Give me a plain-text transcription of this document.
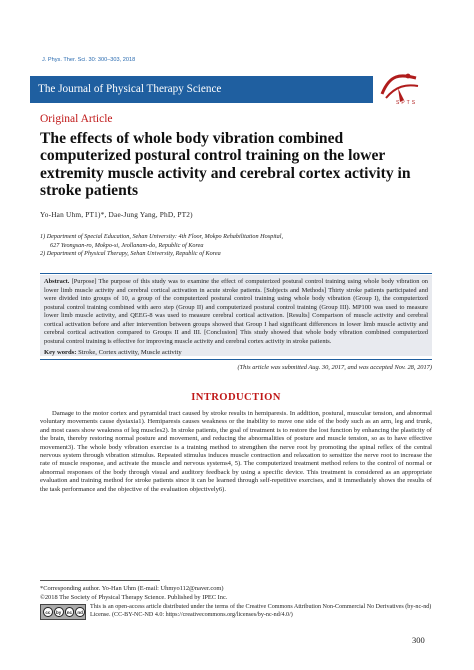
J. Phys. Ther. Sci. 30: 300–303, 2018
The Journal of Physical Therapy Science
SPTS
Original Article
The effects of whole body vibration combined computerized postural control training on the lower extremity muscle activity and cerebral cortex activity in stroke patients
Yo-Han Uhm, PT1)*, Dae-Jung Yang, PhD, PT2)
1) Department of Special Education, Sehan University: 4th Floor, Mokpo Rehabilitation Hospital,
627 Yeongsan-ro, Mokpo-si, Jeollanam-do, Republic of Korea
2) Department of Physical Therapy, Sehan University, Republic of Korea
Abstract. [Purpose] The purpose of this study was to examine the effect of computerized postural control training using whole body vibration on lower limb muscle activity and cerebral cortical activation in acute stroke patients. [Subjects and Methods] Thirty stroke patients participated and were divided into groups of 10, a group of the computerized postural control training using whole body vibration (Group I), the computerized postural control training combined with aero step (Group II) and computerized postural control training (Group III). MP100 was used to measure lower limb muscle activity, and QEEG-8 was used to measure cerebral cortical activation. [Results] Comparison of muscle activity and cerebral cortical activation before and after intervention between groups showed that Group I had significant differences in lower limb muscle activity and cerebral cortical activation compared to Groups II and III. [Conclusion] This study showed that whole body vibration combined computerized postural control training is effective for improving muscle activity and cerebral cortex activity in stroke patients.
Key words: Stroke, Cortex activity, Muscle activity
(This article was submitted Aug. 30, 2017, and was accepted Nov. 28, 2017)
INTRODUCTION

Damage to the motor cortex and pyramidal tract caused by stroke results in hemiparesis. In addition, postural, muscular tension, and abnormal voluntary movements cause dystaxia1). Hemiparesis causes weakness or the inability to move one side of the body such as an arm, leg and trunk, and most cases show weakness of leg muscles2). In stroke patients, the goal of treatment is to restore the lost function by enhancing the plasticity of the brain, thereby restoring normal posture and movement, and reducing the abnormalities of posture and muscle tension, so as to have effective movement3). The whole body vibration exercise is a training method to strengthen the nerve root by promoting the spinal reflex of the central nervous system through vibration stimulus. Repeated stimulus induces muscle contraction and relaxation to sensitize the nerve root to increase the rate of muscle response, and activate the muscle and nervous systems4, 5). The computerized treatment method refers to the control of normal or abnormal responses of the body through visual and auditory feedback by using a specific device. This treatment is considered as an appropriate evaluation and training method for stroke patients since it can be learned through self-repetitive exercises, and it immediately shows the results of the task performance and the objective of the evaluation objectively6).

*Corresponding author. Yo-Han Uhm (E-mail: Uhmyo112@naver.com)
©2018 The Society of Physical Therapy Science. Published by IPEC Inc.
cc	by	nc	nd
This is an open-access article distributed under the terms of the Creative Commons Attribution Non-Commercial No Derivatives (by-nc-nd) License. (CC-BY-NC-ND 4.0: https://creativecommons.org/licenses/by-nc-nd/4.0/)
300
